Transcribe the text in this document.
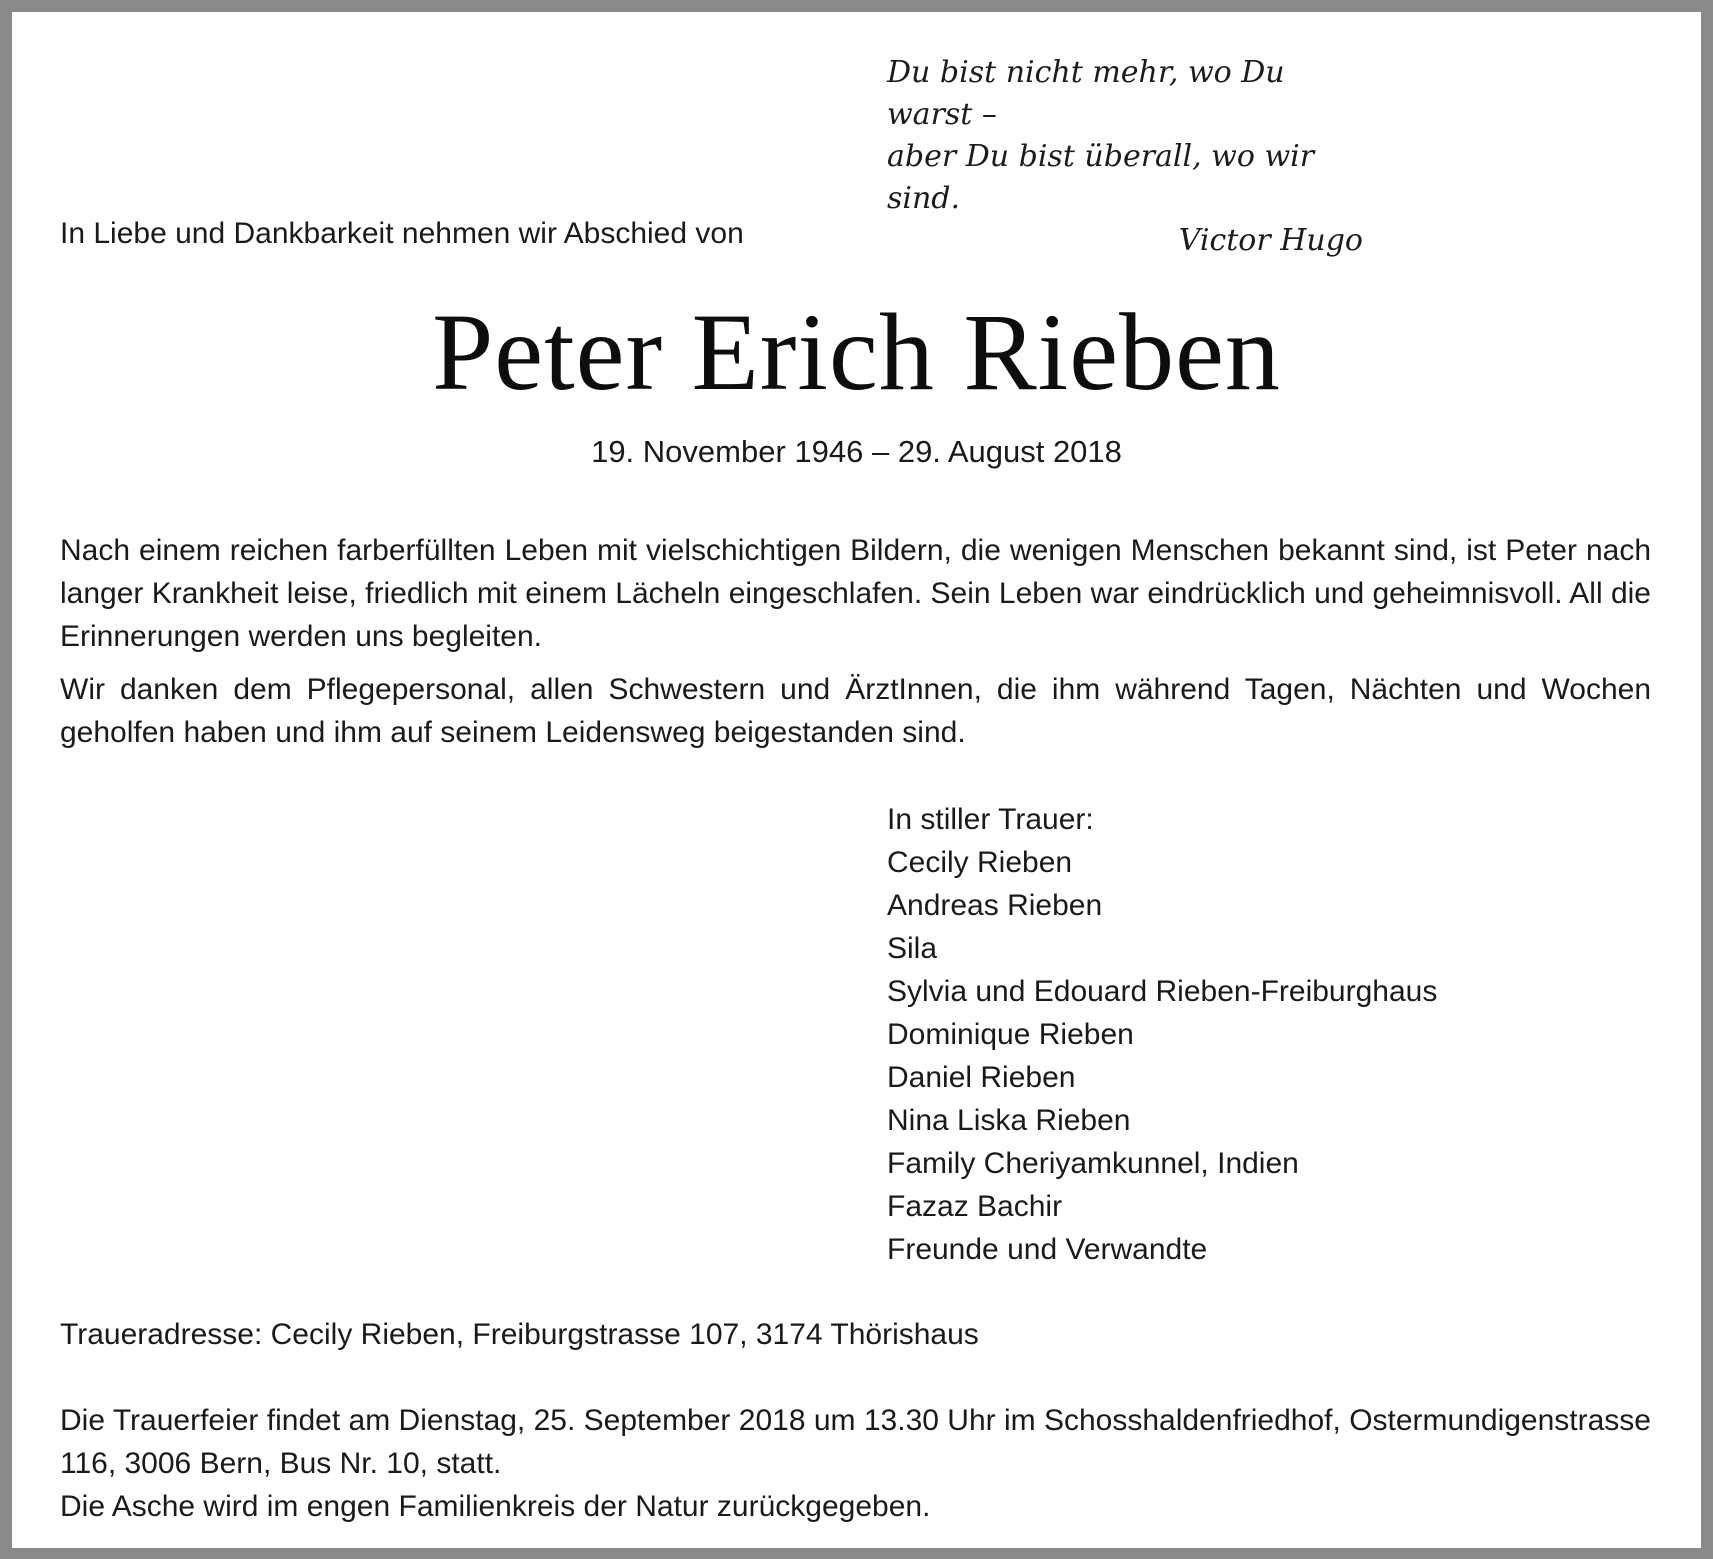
Du bist nicht mehr, wo Du warst –
aber Du bist überall, wo wir sind.
Victor Hugo
In Liebe und Dankbarkeit nehmen wir Abschied von
Peter Erich Rieben
19. November 1946 – 29. August 2018
Nach einem reichen farberfüllten Leben mit vielschichtigen Bildern, die wenigen Menschen bekannt sind, ist Peter nach langer Krankheit leise, friedlich mit einem Lächeln eingeschlafen. Sein Leben war eindrücklich und geheimnisvoll. All die Erinnerungen werden uns begleiten.
Wir danken dem Pflegepersonal, allen Schwestern und ÄrztInnen, die ihm während Tagen, Nächten und Wochen geholfen haben und ihm auf seinem Leidensweg beigestanden sind.
In stiller Trauer:
Cecily Rieben
Andreas Rieben
Sila
Sylvia und Edouard Rieben-Freiburghaus
Dominique Rieben
Daniel Rieben
Nina Liska Rieben
Family Cheriyamkunnel, Indien
Fazaz Bachir
Freunde und Verwandte
Traueradresse: Cecily Rieben, Freiburgstrasse 107, 3174 Thörishaus
Die Trauerfeier findet am Dienstag, 25. September 2018 um 13.30 Uhr im Schosshaldenfriedhof, Ostermundigenstrasse 116, 3006 Bern, Bus Nr. 10, statt.
Die Asche wird im engen Familienkreis der Natur zurückgegeben.
